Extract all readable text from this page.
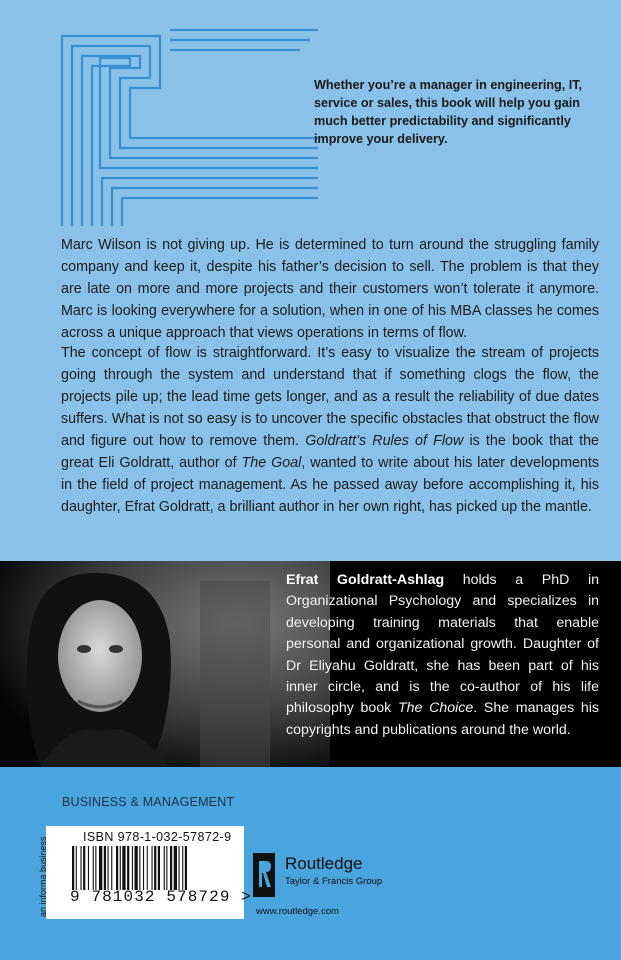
Whether you’re a manager in engineering, IT, service or sales, this book will help you gain much better predictability and significantly improve your delivery.
Marc Wilson is not giving up. He is determined to turn around the struggling family company and keep it, despite his father’s decision to sell. The problem is that they are late on more and more projects and their customers won’t tolerate it anymore. Marc is looking everywhere for a solution, when in one of his MBA classes he comes across a unique approach that views operations in terms of flow.
The concept of flow is straightforward. It’s easy to visualize the stream of projects going through the system and understand that if something clogs the flow, the projects pile up; the lead time gets longer, and as a result the reliability of due dates suffers. What is not so easy is to uncover the specific obstacles that obstruct the flow and figure out how to remove them. Goldratt’s Rules of Flow is the book that the great Eli Goldratt, author of The Goal, wanted to write about his later developments in the field of project management. As he passed away before accomplishing it, his daughter, Efrat Goldratt, a brilliant author in her own right, has picked up the mantle.
Efrat Goldratt-Ashlag holds a PhD in Organizational Psychology and specializes in developing training materials that enable personal and organizational growth. Daughter of Dr Eliyahu Goldratt, she has been part of his inner circle, and is the co-author of his life philosophy book The Choice. She manages his copyrights and publications around the world.
BUSINESS & MANAGEMENT
an informa business	ISBN 978-1-032-57872-9
9 781032 578729 >
Routledge
Taylor & Francis Group
www.routledge.com
